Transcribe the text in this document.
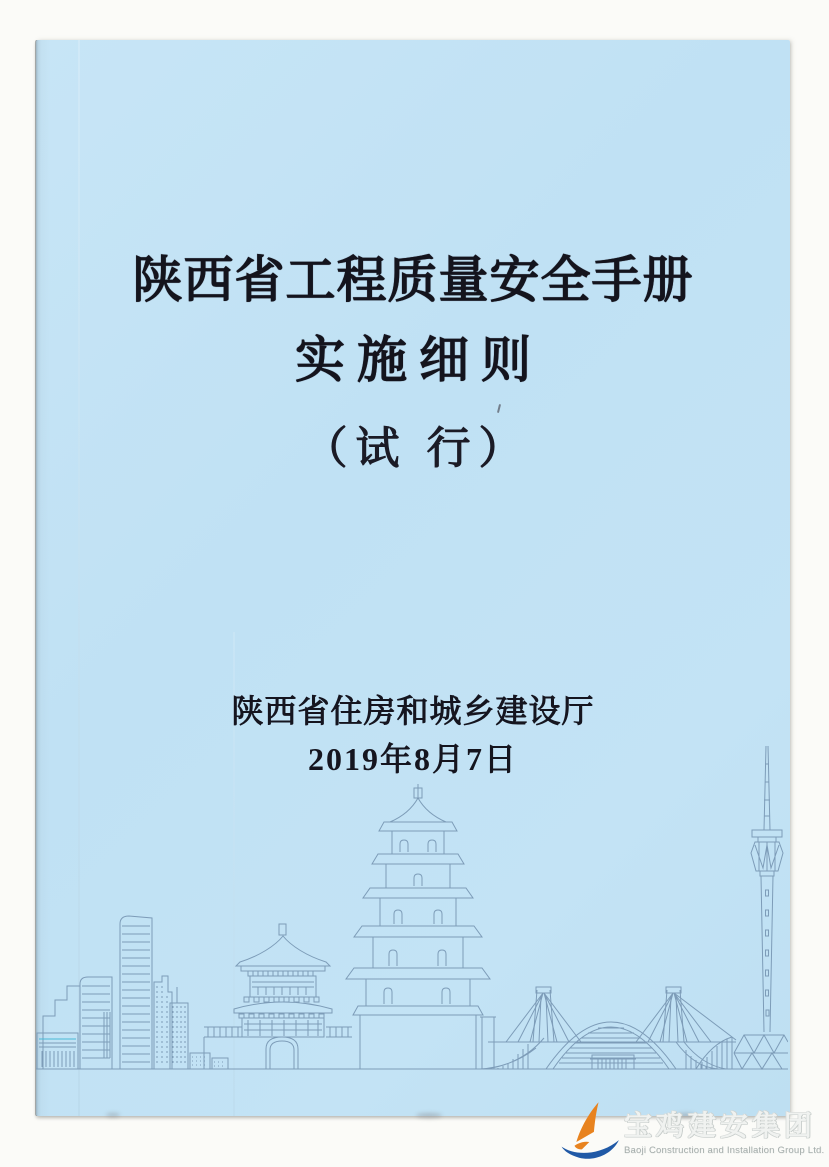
陕西省工程质量安全手册
实施细则
（试 行）
陕西省住房和城乡建设厅
2019年8月7日
宝鸡建安集团
Baoji Construction and Installation Group Ltd.
